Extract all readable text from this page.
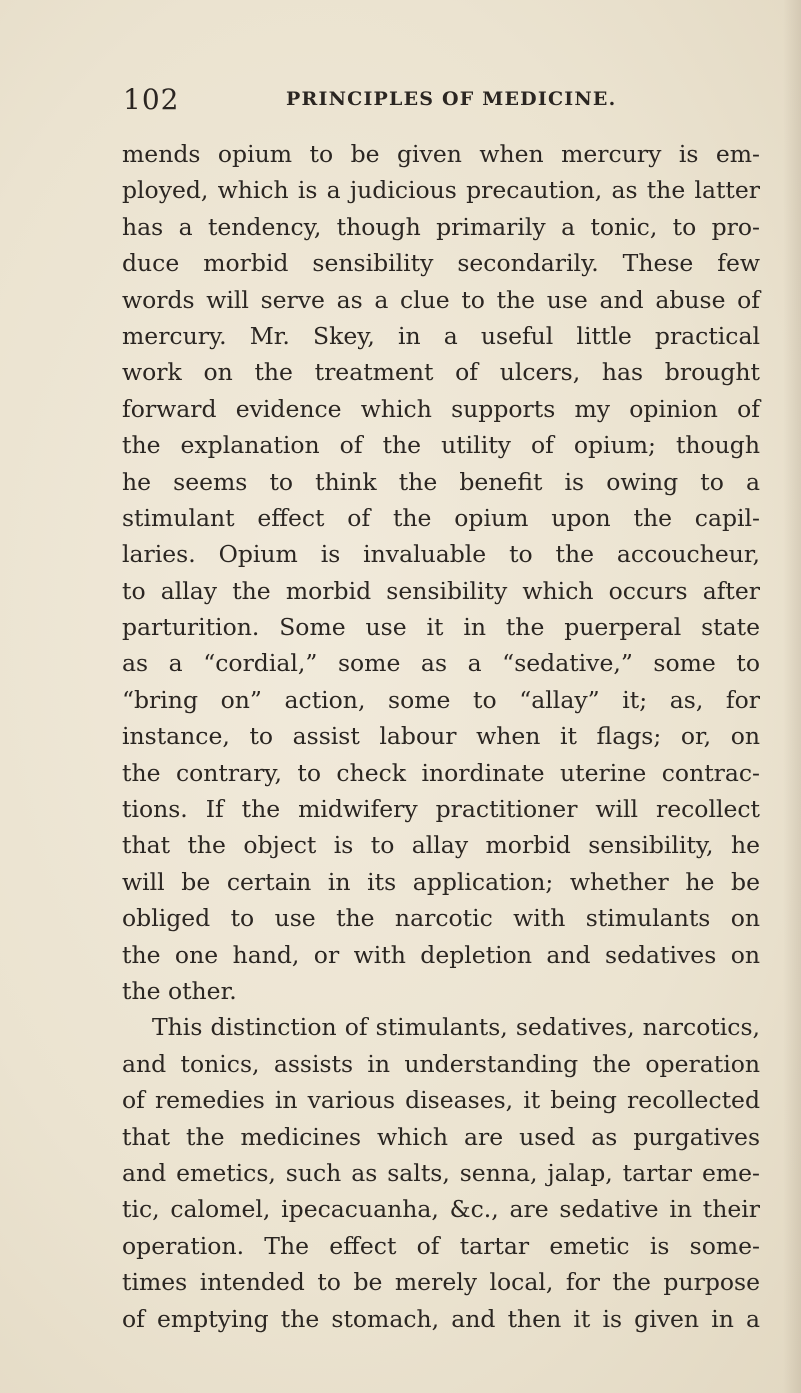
102	PRINCIPLES OF MEDICINE.
mends opium to be given when mercury is em-
ployed, which is a judicious precaution, as the latter
has a tendency, though primarily a tonic, to pro-
duce morbid sensibility secondarily. These few
words will serve as a clue to the use and abuse of
mercury. Mr. Skey, in a useful little practical
work on the treatment of ulcers, has brought
forward evidence which supports my opinion of
the explanation of the utility of opium; though
he seems to think the benefit is owing to a
stimulant effect of the opium upon the capil-
laries. Opium is invaluable to the accoucheur,
to allay the morbid sensibility which occurs after
parturition. Some use it in the puerperal state
as a “cordial,” some as a “sedative,” some to
“bring on” action, some to “allay” it; as, for
instance, to assist labour when it flags; or, on
the contrary, to check inordinate uterine contrac-
tions. If the midwifery practitioner will recollect
that the object is to allay morbid sensibility, he
will be certain in its application; whether he be
obliged to use the narcotic with stimulants on
the one hand, or with depletion and sedatives on
the other.
This distinction of stimulants, sedatives, narcotics,
and tonics, assists in understanding the operation
of remedies in various diseases, it being recollected
that the medicines which are used as purgatives
and emetics, such as salts, senna, jalap, tartar eme-
tic, calomel, ipecacuanha, &c., are sedative in their
operation. The effect of tartar emetic is some-
times intended to be merely local, for the purpose
of emptying the stomach, and then it is given in a
